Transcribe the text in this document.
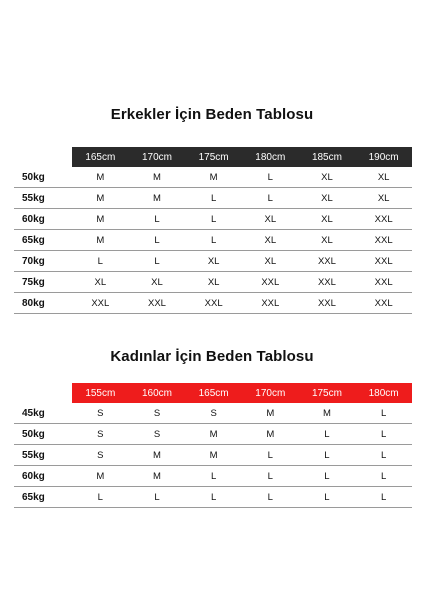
Erkekler İçin Beden Tablosu
	165cm	170cm	175cm	180cm	185cm	190cm
50kg	M	M	M	L	XL	XL
55kg	M	M	L	L	XL	XL
60kg	M	L	L	XL	XL	XXL
65kg	M	L	L	XL	XL	XXL
70kg	L	L	XL	XL	XXL	XXL
75kg	XL	XL	XL	XXL	XXL	XXL
80kg	XXL	XXL	XXL	XXL	XXL	XXL
Kadınlar İçin Beden Tablosu
	155cm	160cm	165cm	170cm	175cm	180cm
45kg	S	S	S	M	M	L
50kg	S	S	M	M	L	L
55kg	S	M	M	L	L	L
60kg	M	M	L	L	L	L
65kg	L	L	L	L	L	L
